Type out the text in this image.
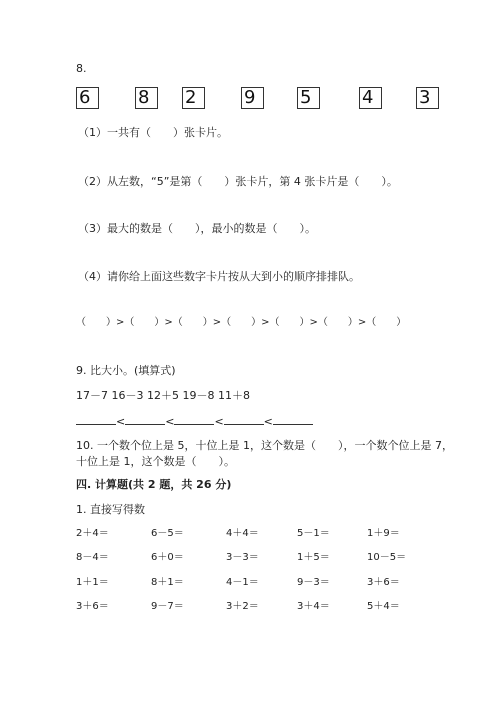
8.
6	8	2	9	5	4	3
（1）一共有（　　）张卡片。
（2）从左数，“5”是第（　　）张卡片，第 4 张卡片是（　　）。
（3）最大的数是（　　），最小的数是（　　）。
（4）请你给上面这些数字卡片按从大到小的顺序排排队。
（　　）>（　　）>（　　）>（　　）>（　　）>（　　）>（　　）
9. 比大小。(填算式)
17－7 16－3 12＋5 19－8 11＋8
<	<	<	<
10. 一个数个位上是 5，十位上是 1，这个数是（　　），一个数个位上是 7，
十位上是 1，这个数是（　　）。
四. 计算题(共 2 题，共 26 分)
1. 直接写得数
2＋4＝	6－5＝	4＋4＝	5－1＝	1＋9＝
8－4＝	6＋0＝	3－3＝	1＋5＝	10－5＝
1＋1＝	8＋1＝	4－1＝	9－3＝	3＋6＝
3＋6＝	9－7＝	3＋2＝	3＋4＝	5＋4＝
